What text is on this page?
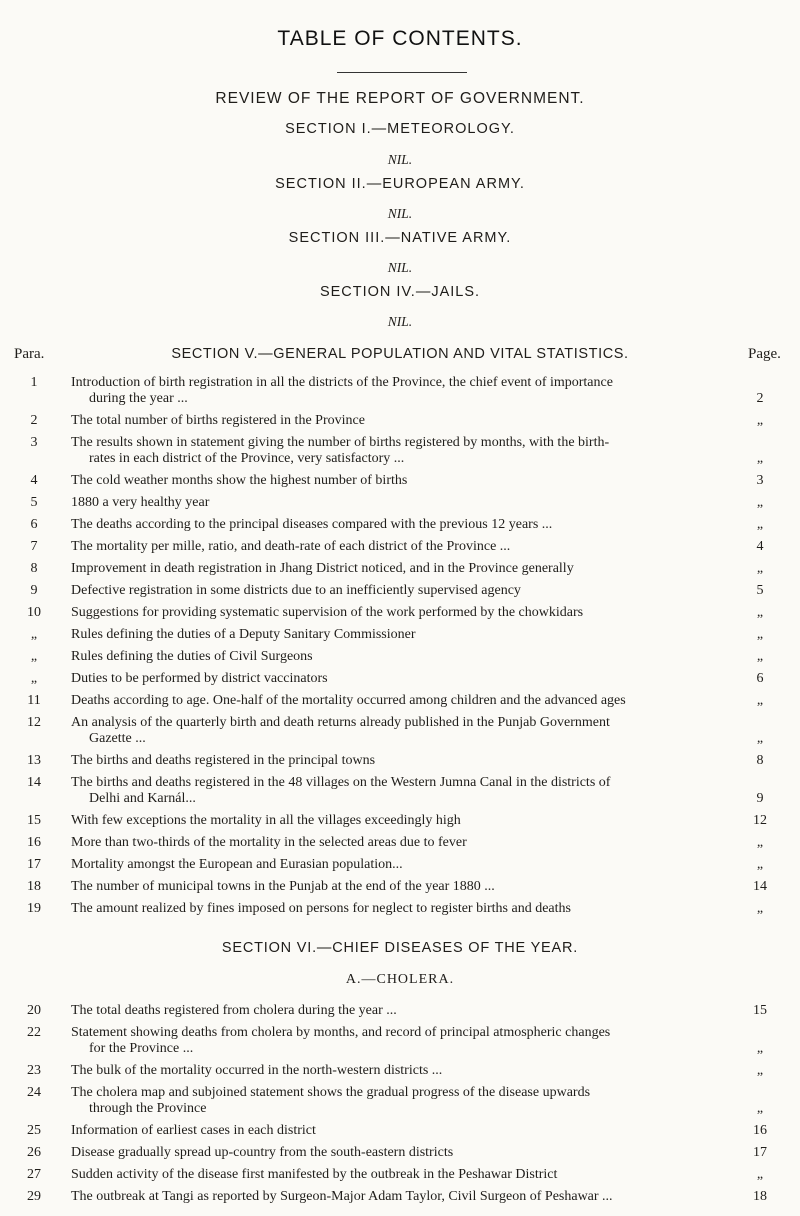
TABLE OF CONTENTS.
REVIEW OF THE REPORT OF GOVERNMENT.
SECTION I.—METEOROLOGY.
NIL.
SECTION II.—EUROPEAN ARMY.
NIL.
SECTION III.—NATIVE ARMY.
NIL.
SECTION IV.—JAILS.
NIL.
Para.	SECTION V.—GENERAL POPULATION AND VITAL STATISTICS.	Page.
1	Introduction of birth registration in all the districts of the Province, the chief event of importance
during the year ...	2
2	The total number of births registered in the Province	„
3	The results shown in statement giving the number of births registered by months, with the birth-
rates in each district of the Province, very satisfactory ...	„
4	The cold weather months show the highest number of births	3
5	1880 a very healthy year	„
6	The deaths according to the principal diseases compared with the previous 12 years ...	„
7	The mortality per mille, ratio, and death-rate of each district of the Province ...	4
8	Improvement in death registration in Jhang District noticed, and in the Province generally	„
9	Defective registration in some districts due to an inefficiently supervised agency	5
10	Suggestions for providing systematic supervision of the work performed by the chowkidars	„
„	Rules defining the duties of a Deputy Sanitary Commissioner	„
„	Rules defining the duties of Civil Surgeons	„
„	Duties to be performed by district vaccinators	6
11	Deaths according to age. One-half of the mortality occurred among children and the advanced ages	„
12	An analysis of the quarterly birth and death returns already published in the Punjab Government
Gazette ...	„
13	The births and deaths registered in the principal towns	8
14	The births and deaths registered in the 48 villages on the Western Jumna Canal in the districts of
Delhi and Karnál...	9
15	With few exceptions the mortality in all the villages exceedingly high	12
16	More than two-thirds of the mortality in the selected areas due to fever	„
17	Mortality amongst the European and Eurasian population...	„
18	The number of municipal towns in the Punjab at the end of the year 1880 ...	14
19	The amount realized by fines imposed on persons for neglect to register births and deaths	„
SECTION VI.—CHIEF DISEASES OF THE YEAR.
A.—CHOLERA.
20	The total deaths registered from cholera during the year ...	15
22	Statement showing deaths from cholera by months, and record of principal atmospheric changes
for the Province ...	„
23	The bulk of the mortality occurred in the north-western districts ...	„
24	The cholera map and subjoined statement shows the gradual progress of the disease upwards
through the Province	„
25	Information of earliest cases in each district	16
26	Disease gradually spread up-country from the south-eastern districts	17
27	Sudden activity of the disease first manifested by the outbreak in the Peshawar District	„
29	The outbreak at Tangi as reported by Surgeon-Major Adam Taylor, Civil Surgeon of Peshawar ...	18
